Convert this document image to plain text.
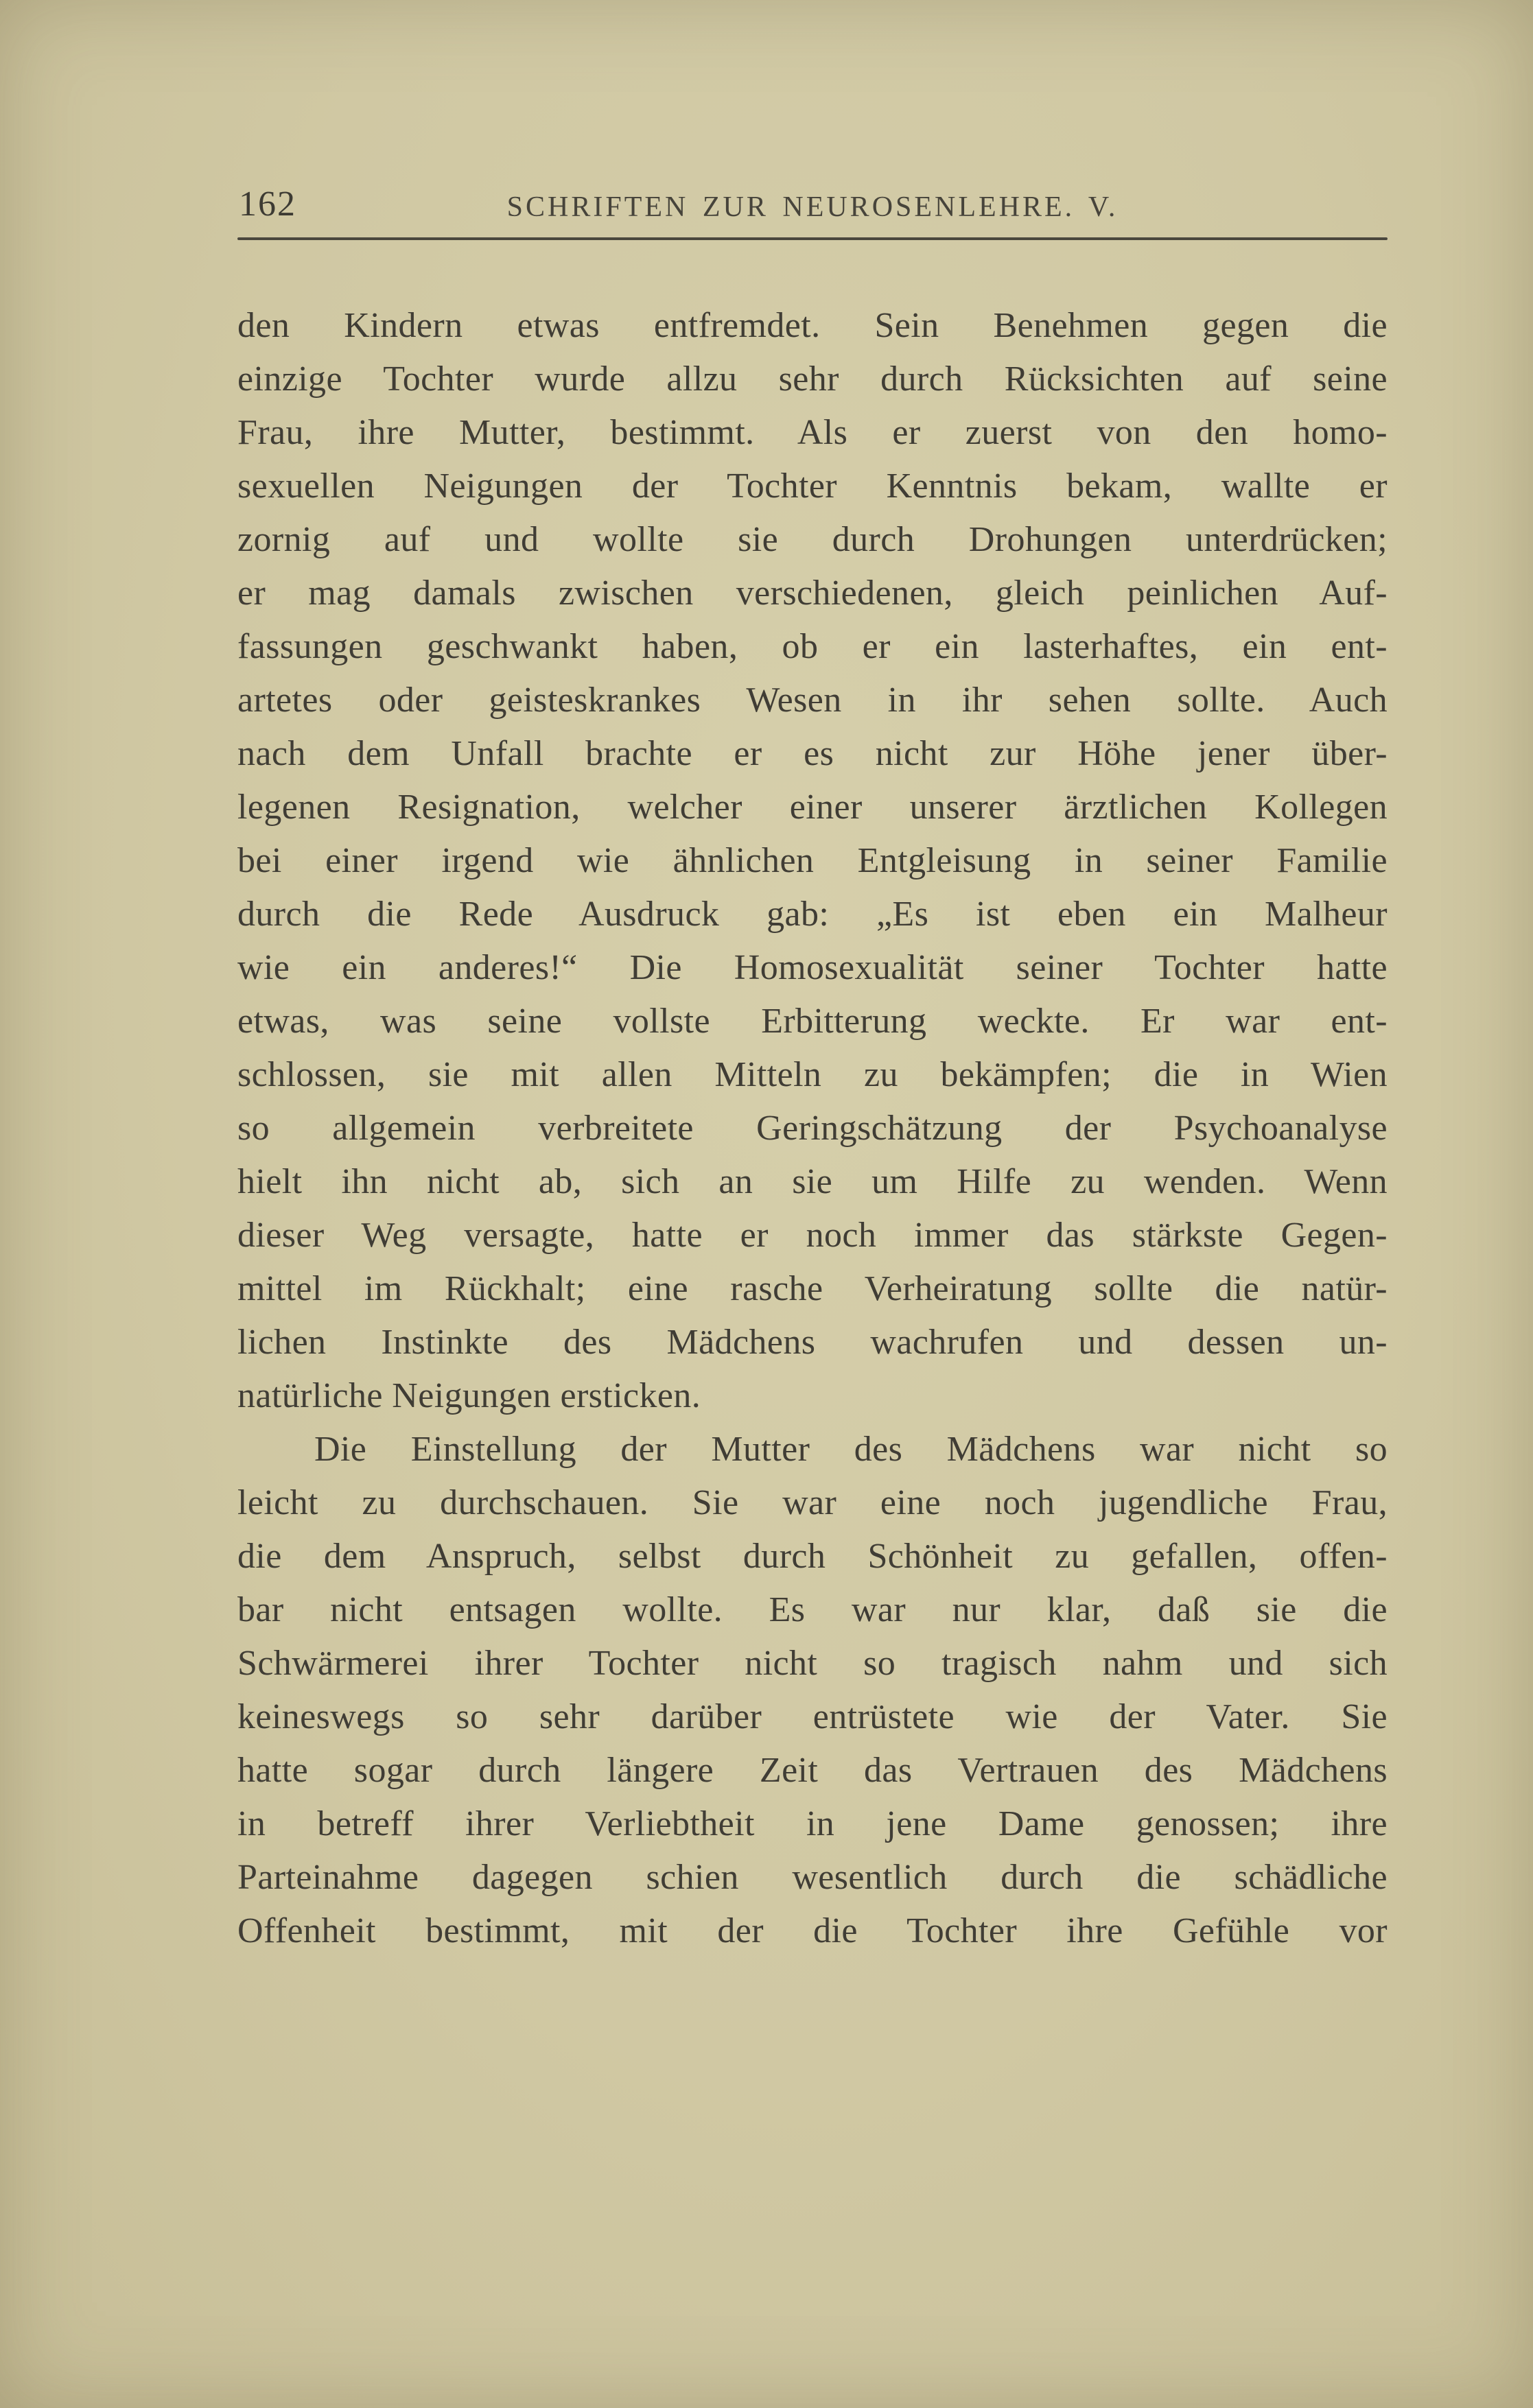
162	SCHRIFTEN ZUR NEUROSENLEHRE. V.
den Kindern etwas entfremdet. Sein Benehmen gegen die
einzige Tochter wurde allzu sehr durch Rücksichten auf seine
Frau, ihre Mutter, bestimmt. Als er zuerst von den homo-
sexuellen Neigungen der Tochter Kenntnis bekam, wallte er
zornig auf und wollte sie durch Drohungen unterdrücken;
er mag damals zwischen verschiedenen, gleich peinlichen Auf-
fassungen geschwankt haben, ob er ein lasterhaftes, ein ent-
artetes oder geisteskrankes Wesen in ihr sehen sollte. Auch
nach dem Unfall brachte er es nicht zur Höhe jener über-
legenen Resignation, welcher einer unserer ärztlichen Kollegen
bei einer irgend wie ähnlichen Entgleisung in seiner Familie
durch die Rede Ausdruck gab: „Es ist eben ein Malheur
wie ein anderes!“ Die Homosexualität seiner Tochter hatte
etwas, was seine vollste Erbitterung weckte. Er war ent-
schlossen, sie mit allen Mitteln zu bekämpfen; die in Wien
so allgemein verbreitete Geringschätzung der Psychoanalyse
hielt ihn nicht ab, sich an sie um Hilfe zu wenden. Wenn
dieser Weg versagte, hatte er noch immer das stärkste Gegen-
mittel im Rückhalt; eine rasche Verheiratung sollte die natür-
lichen Instinkte des Mädchens wachrufen und dessen un-
natürliche Neigungen ersticken.
Die Einstellung der Mutter des Mädchens war nicht so
leicht zu durchschauen. Sie war eine noch jugendliche Frau,
die dem Anspruch, selbst durch Schönheit zu gefallen, offen-
bar nicht entsagen wollte. Es war nur klar, daß sie die
Schwärmerei ihrer Tochter nicht so tragisch nahm und sich
keineswegs so sehr darüber entrüstete wie der Vater. Sie
hatte sogar durch längere Zeit das Vertrauen des Mädchens
in betreff ihrer Verliebtheit in jene Dame genossen; ihre
Parteinahme dagegen schien wesentlich durch die schädliche
Offenheit bestimmt, mit der die Tochter ihre Gefühle vor
